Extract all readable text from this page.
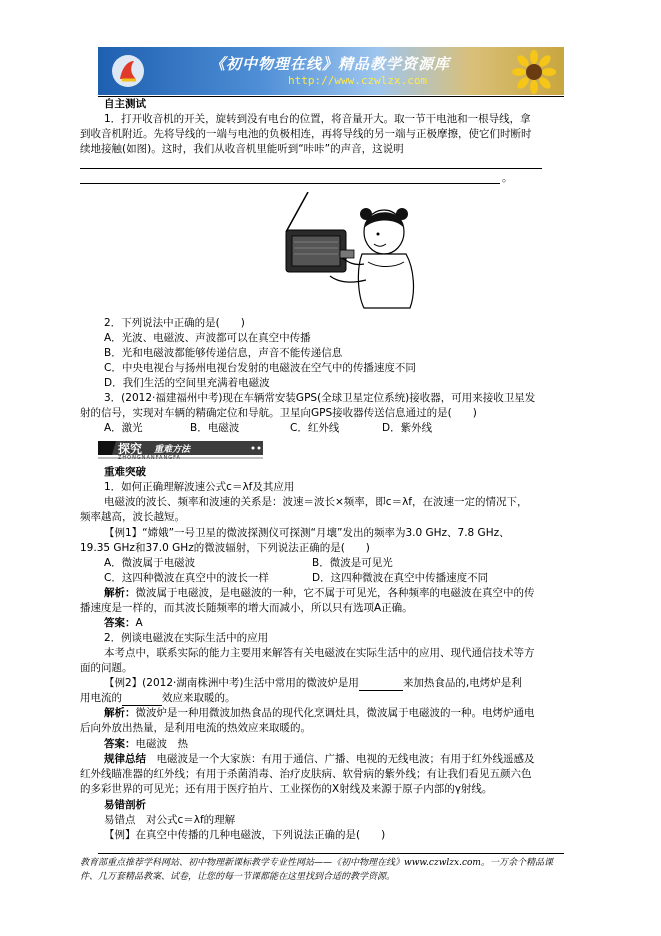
《初中物理在线》精品教学资源库
http://www.czwlzx.com
自主测试
1．打开收音机的开关，旋转到没有电台的位置，将音量开大。取一节干电池和一根导线，拿
到收音机附近。先将导线的一端与电池的负极相连，再将导线的另一端与正极摩擦，使它们时断时
续地接触(如图)。这时，我们从收音机里能听到“咔咔”的声音，这说明
。
2．下列说法中正确的是(　　)
A．光波、电磁波、声波都可以在真空中传播
B．光和电磁波都能够传递信息，声音不能传递信息
C．中央电视台与扬州电视台发射的电磁波在空气中的传播速度不同
D．我们生活的空间里充满着电磁波
3．(2012·福建福州中考)现在车辆常安装GPS(全球卫星定位系统)接收器，可用来接收卫星发
射的信号，实现对车辆的精确定位和导航。卫星向GPS接收器传送信息通过的是(　　)
A．激光	B．电磁波	C．红外线	D．紫外线
探究 重难方法
ZHONGNANFANGFA
重难突破
1．如何正确理解波速公式c＝λf及其应用
电磁波的波长、频率和波速的关系是：波速＝波长×频率，即c＝λf，在波速一定的情况下，
频率越高，波长越短。
【例1】“嫦娥”一号卫星的微波探测仪可探测“月壤”发出的频率为3.0 GHz、7.8 GHz、
19.35 GHz和37.0 GHz的微波辐射，下列说法正确的是(　　)
A．微波属于电磁波	B．微波是可见光
C．这四种微波在真空中的波长一样	D．这四种微波在真空中传播速度不同
解析：微波属于电磁波，是电磁波的一种，它不属于可见光，各种频率的电磁波在真空中的传
播速度是一样的，而其波长随频率的增大而减小，所以只有选项A正确。
答案：A
2．例谈电磁波在实际生活中的应用
本考点中，联系实际的能力主要用来解答有关电磁波在实际生活中的应用、现代通信技术等方
面的问题。
【例2】(2012·湖南株洲中考)生活中常用的微波炉是用	来加热食品的,电烤炉是利
用电流的	效应来取暖的。
解析：微波炉是一种用微波加热食品的现代化烹调灶具，微波属于电磁波的一种。电烤炉通电
后向外放出热量，是利用电流的热效应来取暖的。
答案：电磁波　热
规律总结　 电磁波是一个大家族：有用于通信、广播、电视的无线电波；有用于红外线遥感及
红外线瞄准器的红外线；有用于杀菌消毒、治疗皮肤病、软骨病的紫外线；有让我们看见五颜六色
的多彩世界的可见光；还有用于医疗拍片、工业探伤的X射线及来源于原子内部的γ射线。
易错剖析
易错点　对公式c＝λf的理解
【例】在真空中传播的几种电磁波，下列说法正确的是(　　)
教育部重点推荐学科网站、初中物理新课标教学专业性网站——《初中物理在线》www.czwlzx.com。一万余个精品课
件、几万套精品教案、试卷，让您的每一节课都能在这里找到合适的教学资源。
